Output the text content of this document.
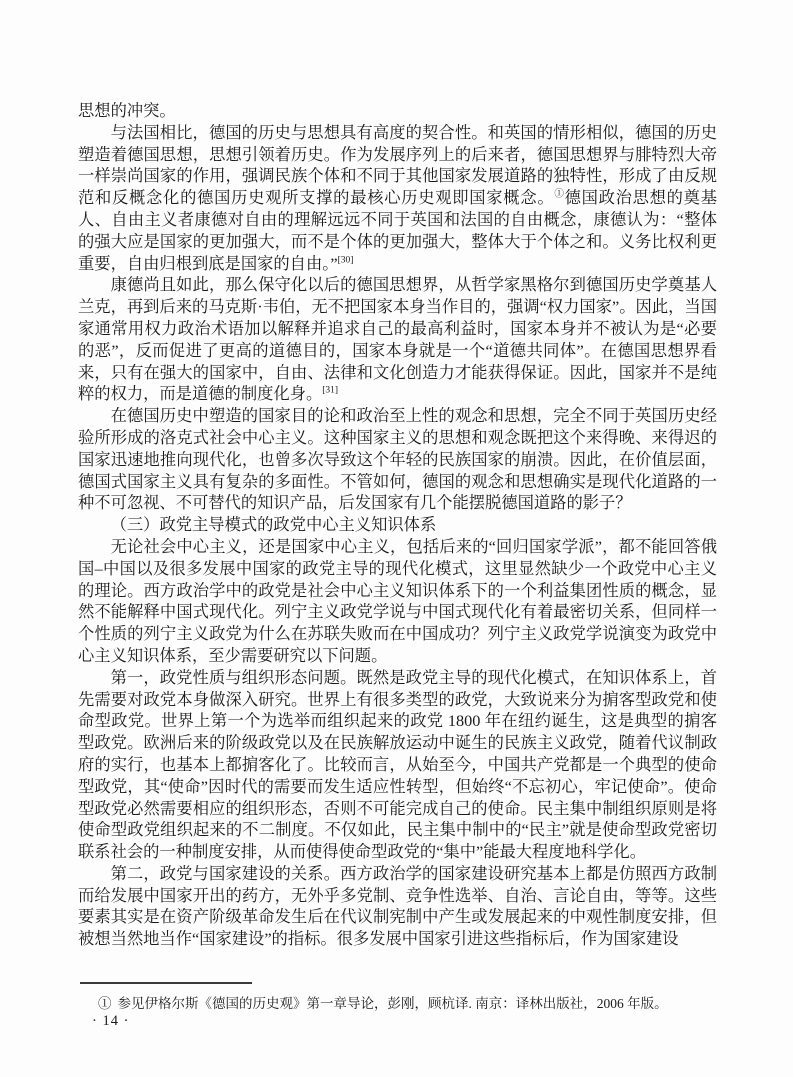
思想的冲突。

与法国相比，德国的历史与思想具有高度的契合性。和英国的情形相似，德国的历史塑造着德国思想，思想引领着历史。作为发展序列上的后来者，德国思想界与腓特烈大帝一样崇尚国家的作用，强调民族个体和不同于其他国家发展道路的独特性，形成了由反规范和反概念化的德国历史观所支撑的最核心历史观即国家概念。①德国政治思想的奠基人、自由主义者康德对自由的理解远远不同于英国和法国的自由概念，康德认为：“整体的强大应是国家的更加强大，而不是个体的更加强大，整体大于个体之和。义务比权利更重要，自由归根到底是国家的自由。”[30]

康德尚且如此，那么保守化以后的德国思想界，从哲学家黑格尔到德国历史学奠基人兰克，再到后来的马克斯·韦伯，无不把国家本身当作目的，强调“权力国家”。因此，当国家通常用权力政治术语加以解释并追求自己的最高利益时，国家本身并不被认为是“必要的恶”，反而促进了更高的道德目的，国家本身就是一个“道德共同体”。在德国思想界看来，只有在强大的国家中，自由、法律和文化创造力才能获得保证。因此，国家并不是纯粹的权力，而是道德的制度化身。[31]

在德国历史中塑造的国家目的论和政治至上性的观念和思想，完全不同于英国历史经验所形成的洛克式社会中心主义。这种国家主义的思想和观念既把这个来得晚、来得迟的国家迅速地推向现代化，也曾多次导致这个年轻的民族国家的崩溃。因此，在价值层面，德国式国家主义具有复杂的多面性。不管如何，德国的观念和思想确实是现代化道路的一种不可忽视、不可替代的知识产品，后发国家有几个能摆脱德国道路的影子？

（三）政党主导模式的政党中心主义知识体系

无论社会中心主义，还是国家中心主义，包括后来的“回归国家学派”，都不能回答俄国–中国以及很多发展中国家的政党主导的现代化模式，这里显然缺少一个政党中心主义的理论。西方政治学中的政党是社会中心主义知识体系下的一个利益集团性质的概念，显然不能解释中国式现代化。列宁主义政党学说与中国式现代化有着最密切关系，但同样一个性质的列宁主义政党为什么在苏联失败而在中国成功？列宁主义政党学说演变为政党中心主义知识体系，至少需要研究以下问题。

第一，政党性质与组织形态问题。既然是政党主导的现代化模式，在知识体系上，首先需要对政党本身做深入研究。世界上有很多类型的政党，大致说来分为掮客型政党和使命型政党。世界上第一个为选举而组织起来的政党 1800 年在纽约诞生，这是典型的掮客型政党。欧洲后来的阶级政党以及在民族解放运动中诞生的民族主义政党，随着代议制政府的实行，也基本上都掮客化了。比较而言，从始至今，中国共产党都是一个典型的使命型政党，其“使命”因时代的需要而发生适应性转型，但始终“不忘初心，牢记使命”。使命型政党必然需要相应的组织形态，否则不可能完成自己的使命。民主集中制组织原则是将使命型政党组织起来的不二制度。不仅如此，民主集中制中的“民主”就是使命型政党密切联系社会的一种制度安排，从而使得使命型政党的“集中”能最大程度地科学化。

第二，政党与国家建设的关系。西方政治学的国家建设研究基本上都是仿照西方政制而给发展中国家开出的药方，无外乎多党制、竞争性选举、自治、言论自由，等等。这些要素其实是在资产阶级革命发生后在代议制宪制中产生或发展起来的中观性制度安排，但被想当然地当作“国家建设”的指标。很多发展中国家引进这些指标后，作为国家建设

① 参见伊格尔斯《德国的历史观》第一章导论，彭刚，顾杭译. 南京：译林出版社，2006 年版。

· 14 ·
